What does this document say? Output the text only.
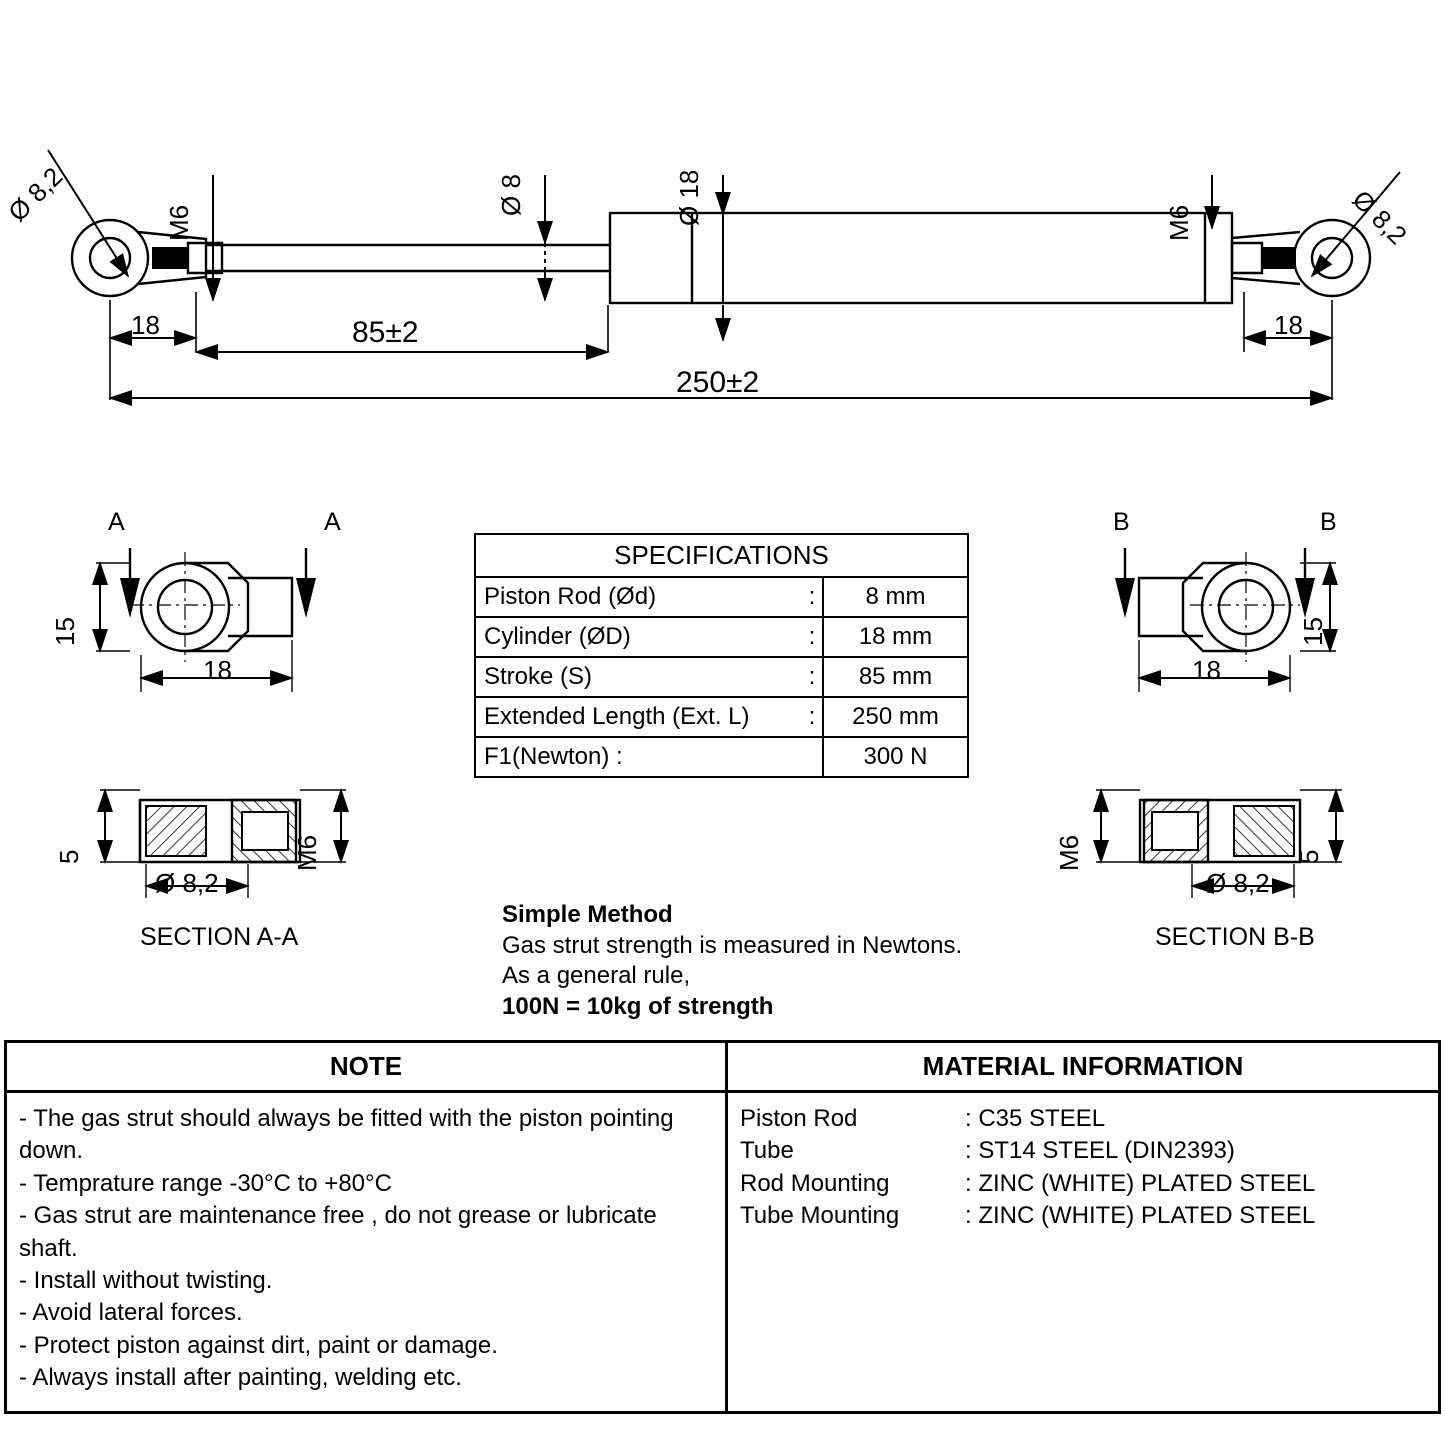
Ø 8,2	M6
Ø 8	Ø 18	M6	Ø 8,2
18	85±2	18
250±2
A	A
15
18
5	M6
Ø 8,2
SECTION A-A
B	B
15
18
M6	5
Ø 8,2
SECTION B-B
SPECIFICATIONS		
Piston Rod (Ød)	:	8 mm
Cylinder (ØD)	:	18 mm
Stroke (S)	:	85 mm
Extended Length (Ext. L)	:	250 mm
F1(Newton) :		300 N
Simple Method
Gas strut strength is measured in Newtons.
As a general rule,
100N = 10kg of strength
NOTE	MATERIAL INFORMATION

- The gas strut should always be fitted with the piston pointing down.
- Temprature range -30°C to +80°C
- Gas strut are maintenance free , do not grease or lubricate shaft.
- Install without twisting.
- Avoid lateral forces.
- Protect piston against dirt, paint or damage.
- Always install after painting, welding etc.

Piston Rod	: C35 STEEL
Tube	: ST14 STEEL (DIN2393)
Rod Mounting	: ZINC (WHITE) PLATED STEEL
Tube Mounting	: ZINC (WHITE) PLATED STEEL
